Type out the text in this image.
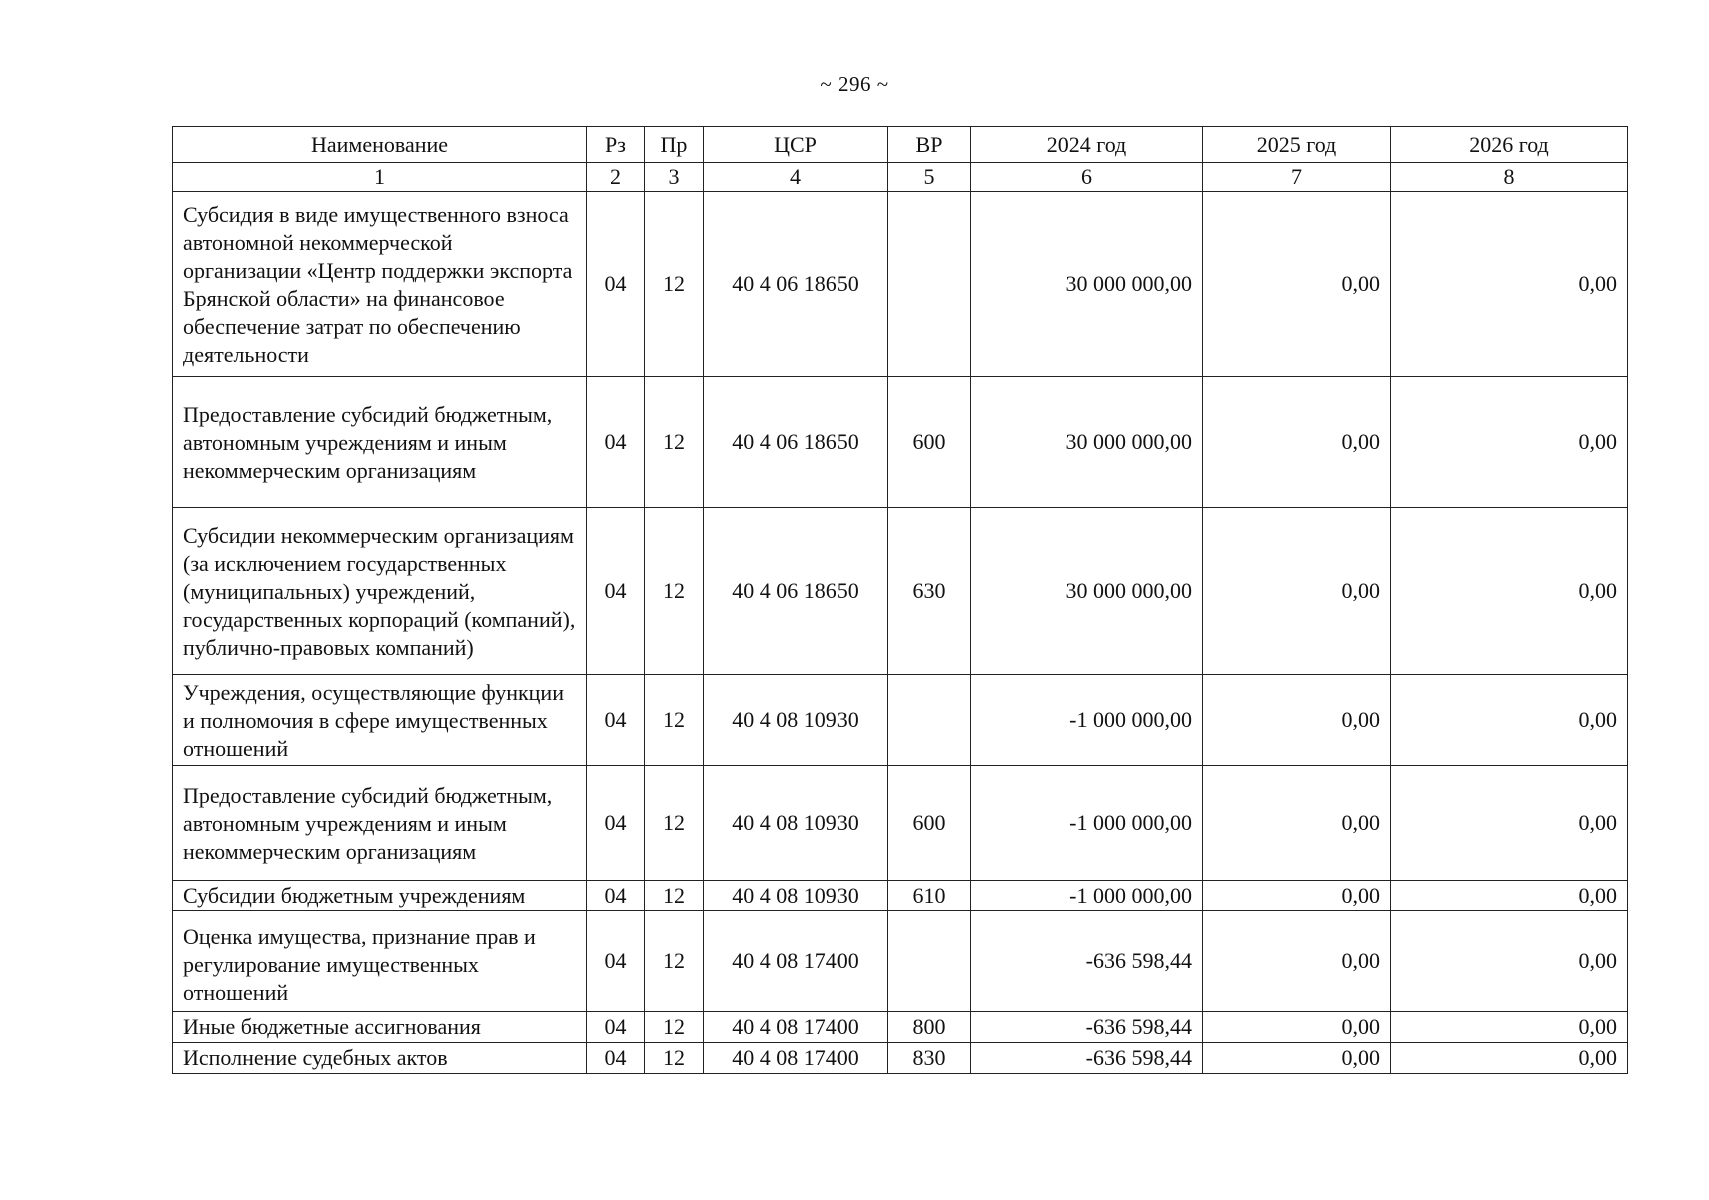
~ 296 ~
Наименование	Рз	Пр	ЦСР	ВР	2024 год	2025 год	2026 год
1	2	3	4	5	6	7	8
Субсидия в виде имущественного взноса автономной некоммерческой организации «Центр поддержки экспорта Брянской области» на финансовое обеспечение затрат по обеспечению деятельности	04	12	40 4 06 18650		30 000 000,00	0,00	0,00
Предоставление субсидий бюджетным, автономным учреждениям и иным некоммерческим организациям	04	12	40 4 06 18650	600	30 000 000,00	0,00	0,00
Субсидии некоммерческим организациям (за исключением государственных (муниципальных) учреждений, государственных корпораций (компаний), публично-правовых компаний)	04	12	40 4 06 18650	630	30 000 000,00	0,00	0,00
Учреждения, осуществляющие функции и полномочия в сфере имущественных отношений	04	12	40 4 08 10930		-1 000 000,00	0,00	0,00
Предоставление субсидий бюджетным, автономным учреждениям и иным некоммерческим организациям	04	12	40 4 08 10930	600	-1 000 000,00	0,00	0,00
Субсидии бюджетным учреждениям	04	12	40 4 08 10930	610	-1 000 000,00	0,00	0,00
Оценка имущества, признание прав и регулирование имущественных отношений	04	12	40 4 08 17400		-636 598,44	0,00	0,00
Иные бюджетные ассигнования	04	12	40 4 08 17400	800	-636 598,44	0,00	0,00
Исполнение судебных актов	04	12	40 4 08 17400	830	-636 598,44	0,00	0,00
